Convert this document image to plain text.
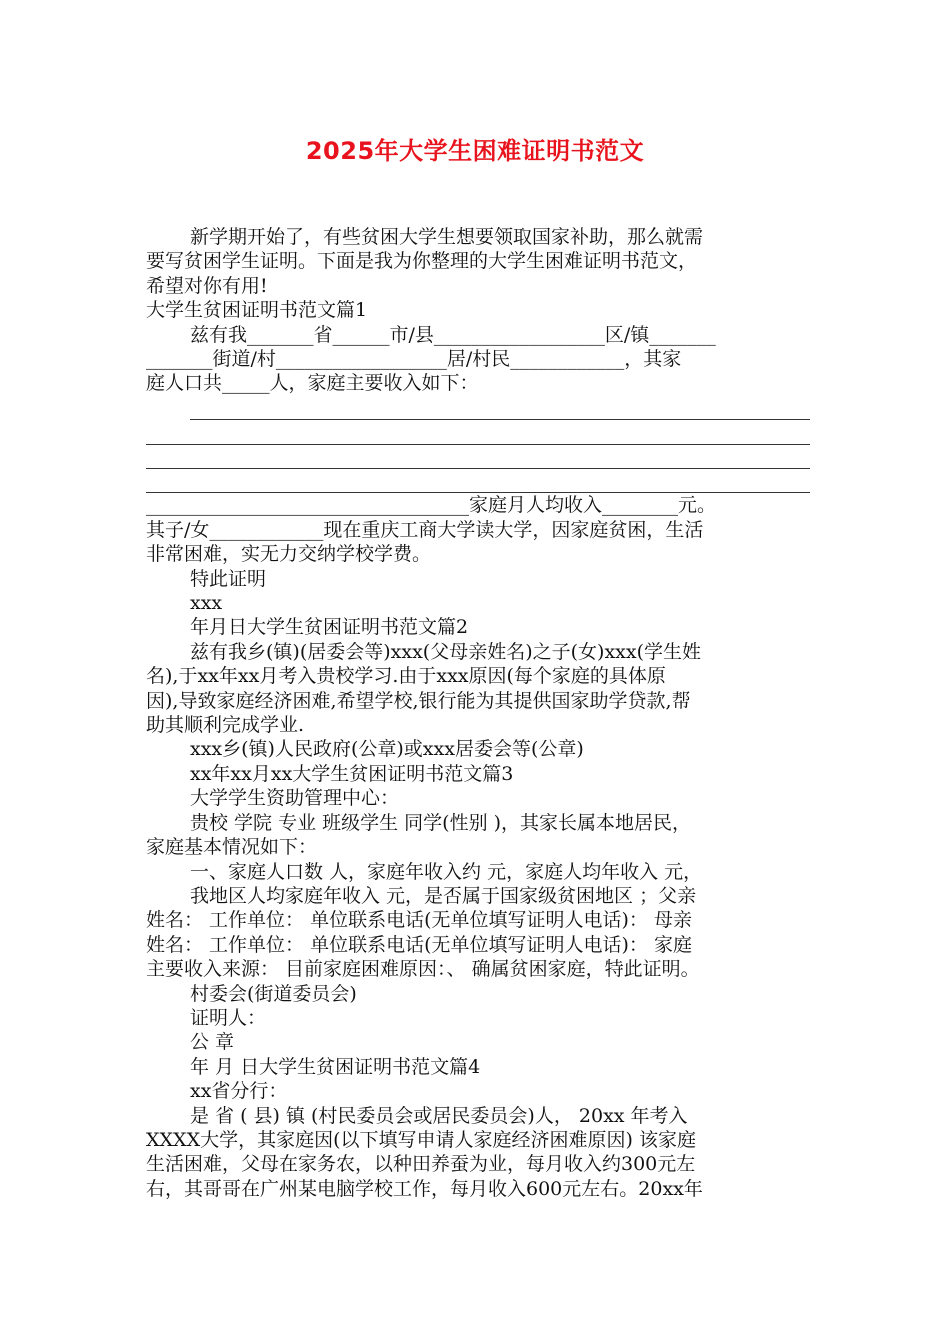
2025年大学生困难证明书范文
新学期开始了，有些贫困大学生想要领取国家补助，那么就需
要写贫困学生证明。下面是我为你整理的大学生困难证明书范文，
希望对你有用!
大学生贫困证明书范文篇1
兹有我_______省______市/县__________________区/镇_______
_______街道/村__________________居/村民____________，其家
庭人口共_____人，家庭主要收入如下：
__________________________________家庭月人均收入________元。
其子/女____________现在重庆工商大学读大学，因家庭贫困，生活
非常困难，实无力交纳学校学费。
特此证明
xxx
年月日大学生贫困证明书范文篇2
兹有我乡(镇)(居委会等)xxx(父母亲姓名)之子(女)xxx(学生姓
名),于xx年xx月考入贵校学习.由于xxx原因(每个家庭的具体原
因),导致家庭经济困难,希望学校,银行能为其提供国家助学贷款,帮
助其顺利完成学业.
xxx乡(镇)人民政府(公章)或xxx居委会等(公章)
xx年xx月xx大学生贫困证明书范文篇3
大学学生资助管理中心：
贵校 学院 专业 班级学生 同学(性别 )，其家长属本地居民，
家庭基本情况如下：
一、家庭人口数 人，家庭年收入约 元，家庭人均年收入 元，
我地区人均家庭年收入 元，是否属于国家级贫困地区 ；父亲
姓名： 工作单位： 单位联系电话(无单位填写证明人电话)： 母亲
姓名： 工作单位： 单位联系电话(无单位填写证明人电话)： 家庭
主要收入来源： 目前家庭困难原因：、 确属贫困家庭，特此证明。
村委会(街道委员会)
证明人：
公 章
年 月 日大学生贫困证明书范文篇4
xx省分行：
是 省 ( 县) 镇 (村民委员会或居民委员会)人， 20xx 年考入
XXXX大学，其家庭因(以下填写申请人家庭经济困难原因) 该家庭
生活困难，父母在家务农，以种田养蚕为业，每月收入约300元左
右，其哥哥在广州某电脑学校工作，每月收入600元左右。20xx年
